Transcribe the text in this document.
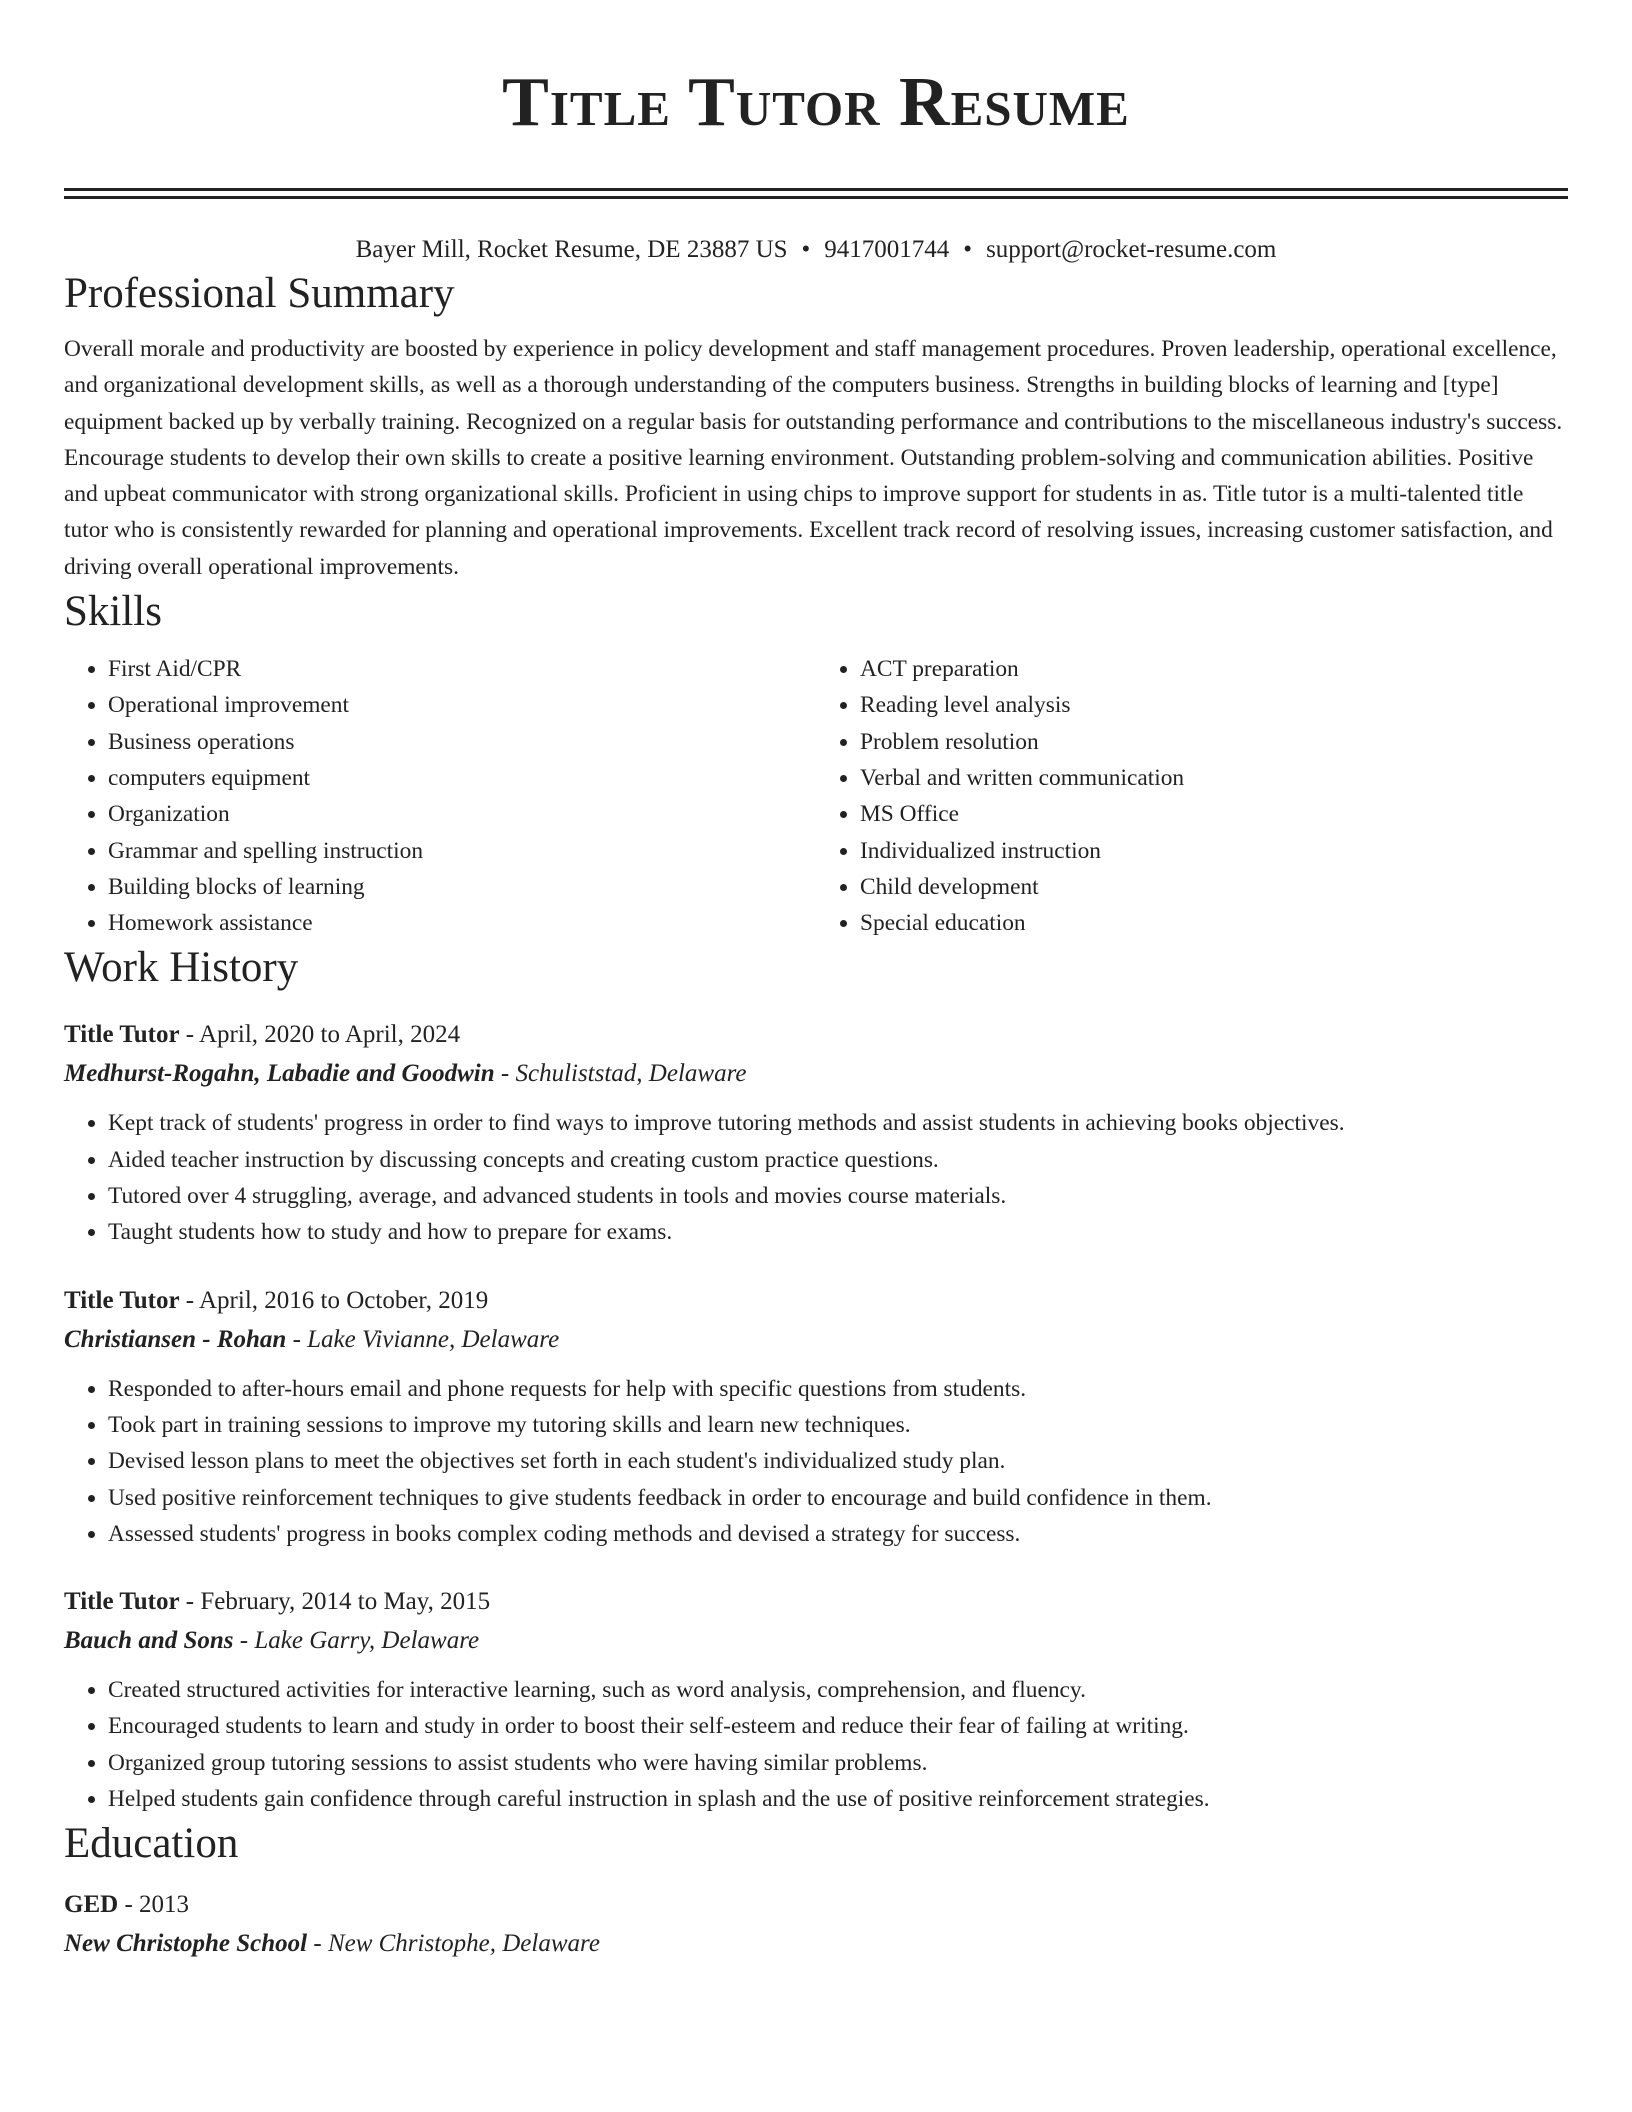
Title Tutor Resume
Bayer Mill, Rocket Resume, DE 23887 US • 9417001744 • support@rocket-resume.com
Professional Summary

Overall morale and productivity are boosted by experience in policy development and staff management procedures. Proven leadership, operational excellence, and organizational development skills, as well as a thorough understanding of the computers business. Strengths in building blocks of learning and [type] equipment backed up by verbally training. Recognized on a regular basis for outstanding performance and contributions to the miscellaneous industry's success. Encourage students to develop their own skills to create a positive learning environment. Outstanding problem-solving and communication abilities. Positive and upbeat communicator with strong organizational skills. Proficient in using chips to improve support for students in as. Title tutor is a multi-talented title tutor who is consistently rewarded for planning and operational improvements. Excellent track record of resolving issues, increasing customer satisfaction, and driving overall operational improvements.

Skills
• First Aid/CPR
• Operational improvement
• Business operations
• computers equipment
• Organization
• Grammar and spelling instruction
• Building blocks of learning
• Homework assistance
• ACT preparation
• Reading level analysis
• Problem resolution
• Verbal and written communication
• MS Office
• Individualized instruction
• Child development
• Special education
Work History
Title Tutor - April, 2020 to April, 2024
Medhurst-Rogahn, Labadie and Goodwin - Schuliststad, Delaware
• Kept track of students' progress in order to find ways to improve tutoring methods and assist students in achieving books objectives.
• Aided teacher instruction by discussing concepts and creating custom practice questions.
• Tutored over 4 struggling, average, and advanced students in tools and movies course materials.
• Taught students how to study and how to prepare for exams.
Title Tutor - April, 2016 to October, 2019
Christiansen - Rohan - Lake Vivianne, Delaware
• Responded to after-hours email and phone requests for help with specific questions from students.
• Took part in training sessions to improve my tutoring skills and learn new techniques.
• Devised lesson plans to meet the objectives set forth in each student's individualized study plan.
• Used positive reinforcement techniques to give students feedback in order to encourage and build confidence in them.
• Assessed students' progress in books complex coding methods and devised a strategy for success.
Title Tutor - February, 2014 to May, 2015
Bauch and Sons - Lake Garry, Delaware
• Created structured activities for interactive learning, such as word analysis, comprehension, and fluency.
• Encouraged students to learn and study in order to boost their self-esteem and reduce their fear of failing at writing.
• Organized group tutoring sessions to assist students who were having similar problems.
• Helped students gain confidence through careful instruction in splash and the use of positive reinforcement strategies.
Education
GED - 2013
New Christophe School - New Christophe, Delaware
